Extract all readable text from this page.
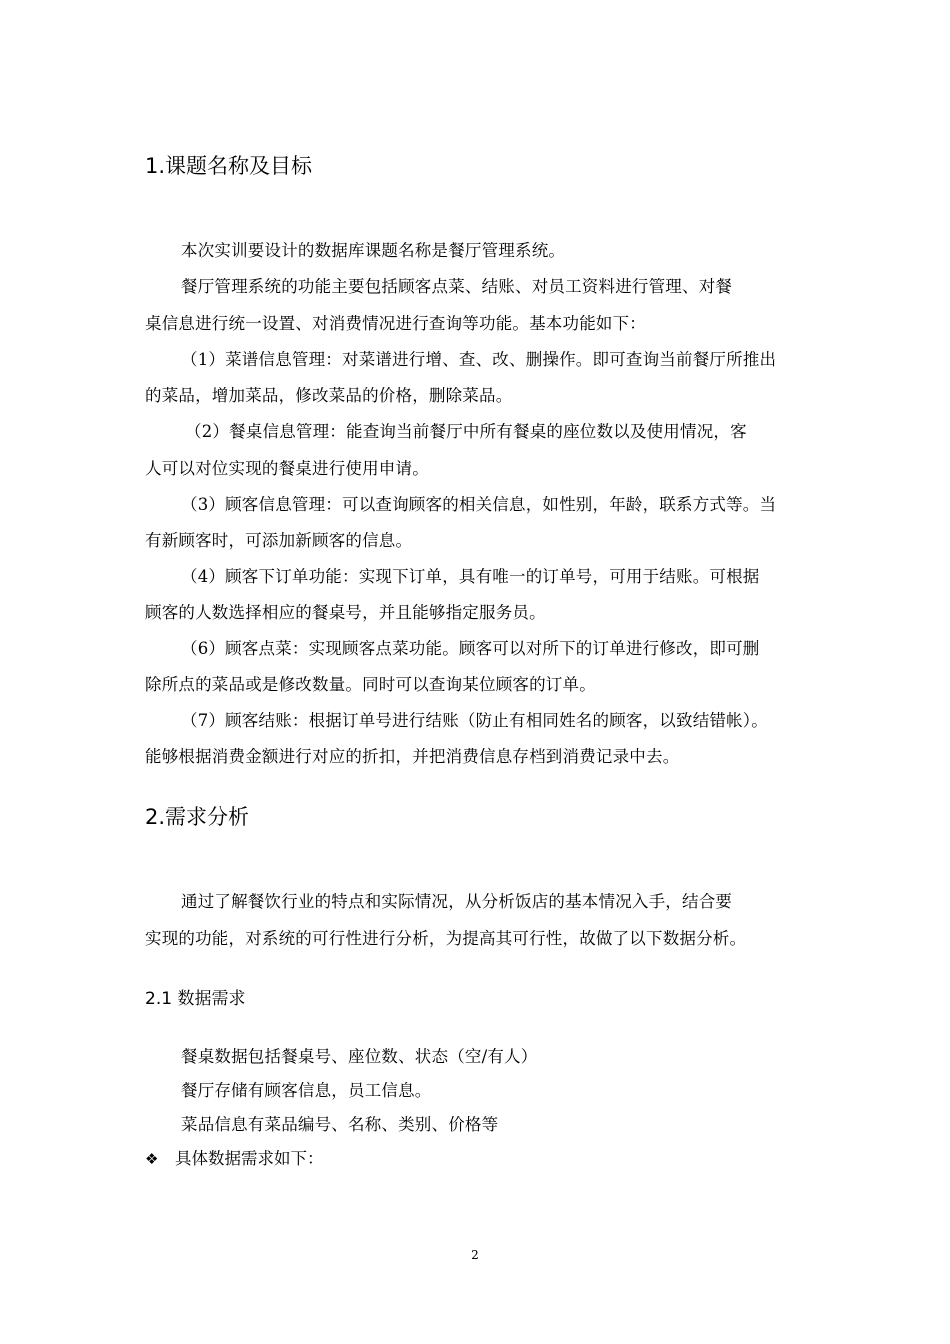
1.课题名称及目标
本次实训要设计的数据库课题名称是餐厅管理系统。
餐厅管理系统的功能主要包括顾客点菜、结账、对员工资料进行管理、对餐
桌信息进行统一设置、对消费情况进行查询等功能。基本功能如下：
（1）菜谱信息管理：对菜谱进行增、查、改、删操作。即可查询当前餐厅所推出
的菜品，增加菜品，修改菜品的价格，删除菜品。
（2）餐桌信息管理：能查询当前餐厅中所有餐桌的座位数以及使用情况，客
人可以对位实现的餐桌进行使用申请。
（3）顾客信息管理：可以查询顾客的相关信息，如性别，年龄，联系方式等。当
有新顾客时，可添加新顾客的信息。
（4）顾客下订单功能：实现下订单，具有唯一的订单号，可用于结账。可根据
顾客的人数选择相应的餐桌号，并且能够指定服务员。
（6）顾客点菜：实现顾客点菜功能。顾客可以对所下的订单进行修改，即可删
除所点的菜品或是修改数量。同时可以查询某位顾客的订单。
（7）顾客结账：根据订单号进行结账（防止有相同姓名的顾客，以致结错帐）。
能够根据消费金额进行对应的折扣，并把消费信息存档到消费记录中去。
2.需求分析
通过了解餐饮行业的特点和实际情况，从分析饭店的基本情况入手，结合要
实现的功能，对系统的可行性进行分析，为提高其可行性，故做了以下数据分析。
2.1 数据需求
餐桌数据包括餐桌号、座位数、状态（空/有人）
餐厅存储有顾客信息，员工信息。
菜品信息有菜品编号、名称、类别、价格等
❖ 具体数据需求如下：
2
